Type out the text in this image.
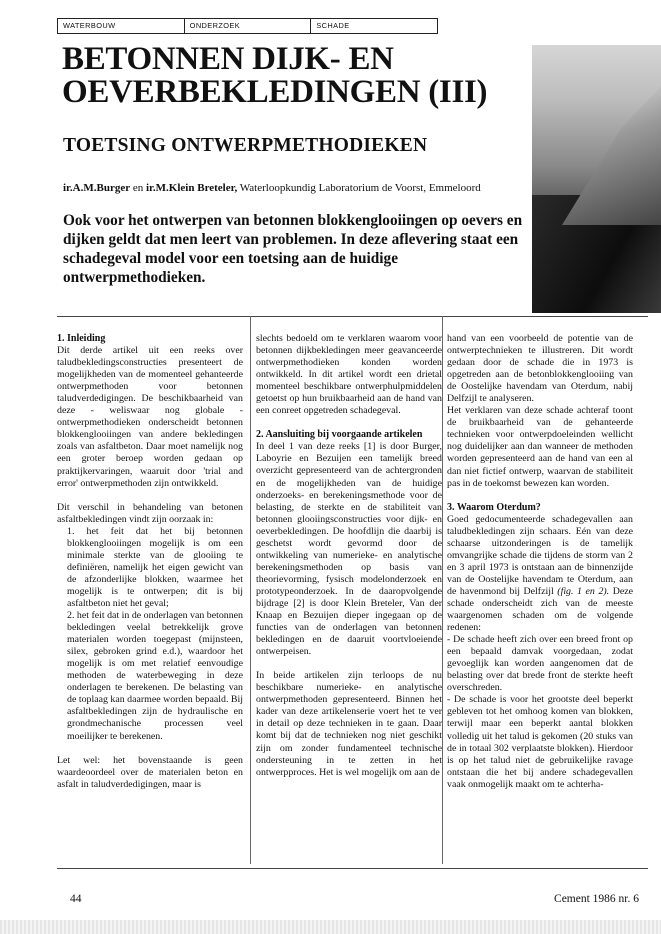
WATERBOUW	ONDERZOEK	SCHADE
BETONNEN DIJK- EN OEVERBEKLEDINGEN (III)
TOETSING ONTWERPMETHODIEKEN
ir.A.M.Burger en ir.M.Klein Breteler, Waterloopkundig Laboratorium de Voorst, Emmeloord

Ook voor het ontwerpen van betonnen blokkenglooiingen op oevers en dijken geldt dat men leert van problemen. In deze aflevering staat een schadegeval model voor een toetsing aan de huidige ontwerpmethodieken.

1. Inleiding

Dit derde artikel uit een reeks over taludbekledingsconstructies presenteert de mogelijkheden van de momenteel gehanteerde ontwerpmethoden voor betonnen taludverdedigingen. De beschikbaarheid van deze - weliswaar nog globale - ontwerpmethodieken onderscheidt betonnen blokkenglooiingen van andere bekledingen zoals van asfaltbeton. Daar moet namelijk nog een groter beroep worden gedaan op praktijkervaringen, waaruit door 'trial and error' ontwerpmethoden zijn ontwikkeld.

Dit verschil in behandeling van betonen asfaltbekledingen vindt zijn oorzaak in:

1. het feit dat het bij betonnen blokkenglooiingen mogelijk is om een minimale sterkte van de glooiing te definiëren, namelijk het eigen gewicht van de afzonderlijke blokken, waarmee het mogelijk is te ontwerpen; dit is bij asfaltbeton niet het geval;
2. het feit dat in de onderlagen van betonnen bekledingen veelal betrekkelijk grove materialen worden toegepast (mijnsteen, silex, gebroken grind e.d.), waardoor het mogelijk is om met relatief eenvoudige methoden de waterbeweging in deze onderlagen te berekenen. De belasting van de toplaag kan daarmee worden bepaald. Bij asfaltbekledingen zijn de hydraulische en grondmechanische processen veel moeilijker te berekenen.

Let wel: het bovenstaande is geen waardeoordeel over de materialen beton en asfalt in taludverdedigingen, maar is

slechts bedoeld om te verklaren waarom voor betonnen dijkbekledingen meer geavanceerde ontwerpmethodieken konden worden ontwikkeld. In dit artikel wordt een drietal momenteel beschikbare ontwerphulpmiddelen getoetst op hun bruikbaarheid aan de hand van een conreet opgetreden schadegeval.

2. Aansluiting bij voorgaande artikelen

In deel 1 van deze reeks [1] is door Burger, Laboyrie en Bezuijen een tamelijk breed overzicht gepresenteerd van de achtergronden en de mogelijkheden van de huidige onderzoeks- en berekeningsmethode voor de belasting, de sterkte en de stabiliteit van betonnen glooiingsconstructies voor dijk- en oeverbekledingen. De hoofdlijn die daarbij is geschetst wordt gevormd door de ontwikkeling van numerieke- en analytische berekeningsmethoden op basis van theorievorming, fysisch modelonderzoek en prototypeonderzoek. In de daaropvolgende bijdrage [2] is door Klein Breteler, Van der Knaap en Bezuijen dieper ingegaan op de functies van de onderlagen van betonnen bekledingen en de daaruit voortvloeiende ontwerpeisen.

In beide artikelen zijn terloops de nu beschikbare numerieke- en analytische ontwerpmethoden gepresenteerd. Binnen het kader van deze artikelenserie voert het te ver in detail op deze technieken in te gaan. Daar komt bij dat de technieken nog niet geschikt zijn om zonder fundamenteel technische ondersteuning in te zetten in het ontwerpproces. Het is wel mogelijk om aan de

hand van een voorbeeld de potentie van de ontwerptechnieken te illustreren. Dit wordt gedaan door de schade die in 1973 is opgetreden aan de betonblokkenglooiing van de Oostelijke havendam van Oterdum, nabij Delfzijl te analyseren.

Het verklaren van deze schade achteraf toont de bruikbaarheid van de gehanteerde technieken voor ontwerpdoeleinden wellicht nog duidelijker aan dan wanneer de methoden worden gepresenteerd aan de hand van een al dan niet fictief ontwerp, waarvan de stabiliteit pas in de toekomst bewezen kan worden.

3. Waarom Oterdum?

Goed gedocumenteerde schadegevallen aan taludbekledingen zijn schaars. Eén van deze schaarse uitzonderingen is de tamelijk omvangrijke schade die tijdens de storm van 2 en 3 april 1973 is ontstaan aan de binnenzijde van de Oostelijke havendam te Oterdum, aan de havenmond bij Delfzijl (fig. 1 en 2). Deze schade onderscheidt zich van de meeste waargenomen schaden om de volgende redenen:

- De schade heeft zich over een breed front op een bepaald damvak voorgedaan, zodat gevoeglijk kan worden aangenomen dat de belasting over dat brede front de sterkte heeft overschreden.

- De schade is voor het grootste deel beperkt gebleven tot het omhoog komen van blokken, terwijl maar een beperkt aantal blokken volledig uit het talud is gekomen (20 stuks van de in totaal 302 verplaatste blokken). Hierdoor is op het talud niet de gebruikelijke ravage ontstaan die het bij andere schadegevallen vaak onmogelijk maakt om te achterha-

44	Cement 1986 nr. 6
